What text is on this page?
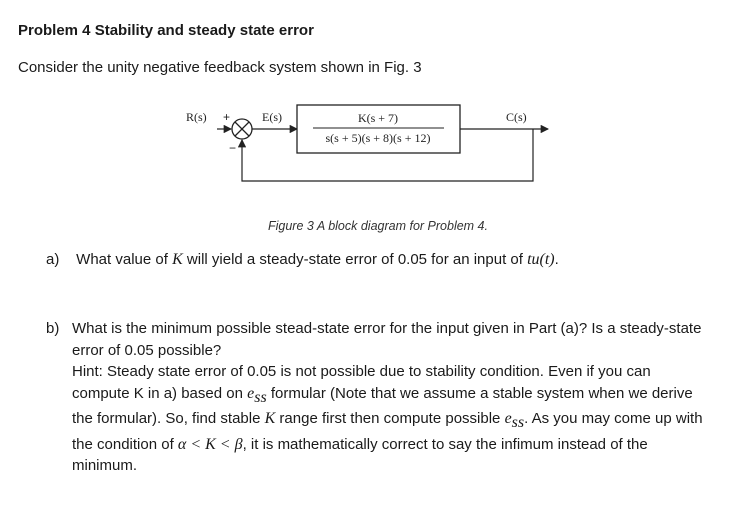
Problem 4 Stability and steady state error
Consider the unity negative feedback system shown in Fig. 3
R(s) +
−
E(s)	K(s + 7)
s(s + 5)(s + 8)(s + 12)
C(s)
Figure 3 A block diagram for Problem 4.
a) What value of K will yield a steady-state error of 0.05 for an input of tu(t).
b) What is the minimum possible stead-state error for the input given in Part (a)? Is a steady-state
error of 0.05 possible?
Hint: Steady state error of 0.05 is not possible due to stability condition. Even if you can
compute K in a) based on $e_{ss}$ formular (Note that we assume a stable system when we derive
the formular). So, find stable K range first then compute possible $e_{ss}$. As you may come up with
the condition of α < K < β, it is mathematically correct to say the infimum instead of the
minimum.
